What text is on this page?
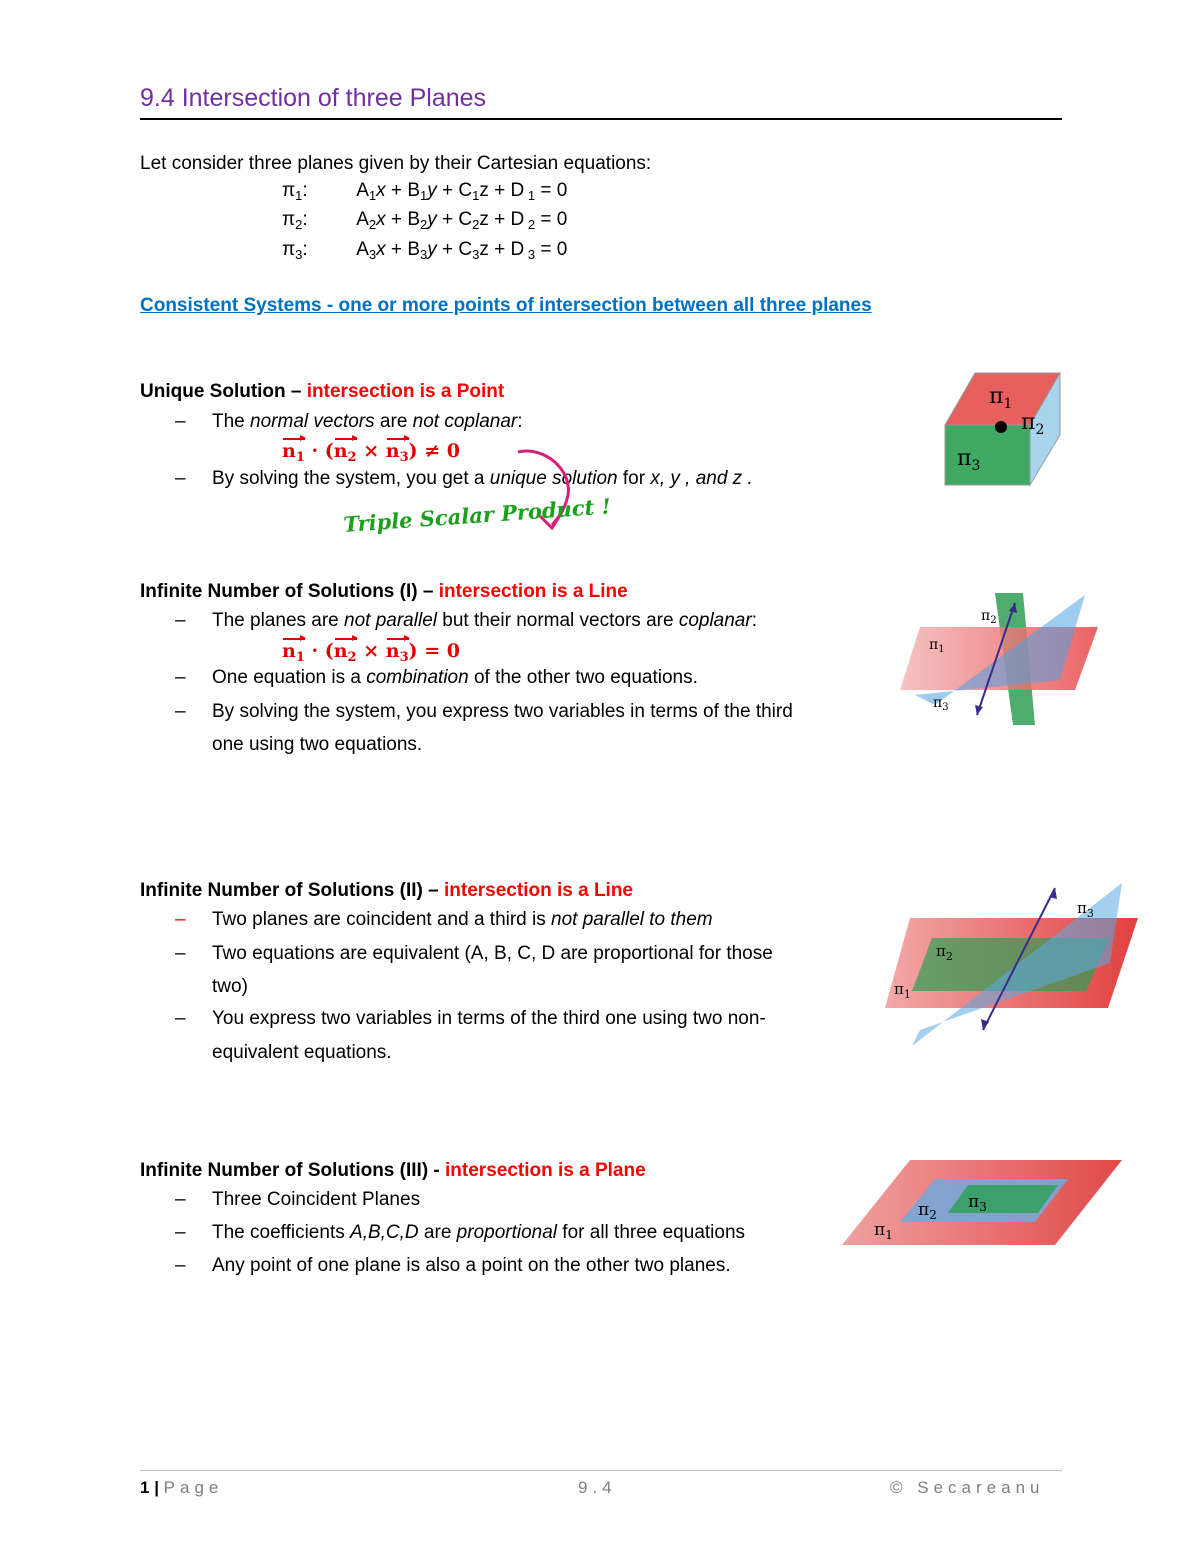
9.4 Intersection of three Planes
Let consider three planes given by their Cartesian equations:
$\pi_1$:	$A_1x + B_1y + C_1z + D$ $_1$ = 0
$\pi_2$:	$A_2x + B_2y + C_2z + D$ $_2$ = 0
$\pi_3$:	$A_3x + B_3y + C_3z + D$ $_3$ = 0
Consistent Systems - one or more points of intersection between all three planes
Unique Solution – intersection is a Point
– The normal vectors are not coplanar:
$n_1 \cdot (n_2 \times n_3) \ne 0$
– By solving the system, you get a unique solution for x, y , and z .
Triple Scalar Product !
$\pi_1$
$\pi_2$
$\pi_3$
Infinite Number of Solutions (I) – intersection is a Line
– The planes are not parallel but their normal vectors are coplanar:
$n_1 \cdot (n_2 \times n_3) = 0$
– One equation is a combination of the other two equations.
– By solving the system, you express two variables in terms of the third
one using two equations.
$\pi_1$
$\pi_2$
$\pi_3$
Infinite Number of Solutions (II) – intersection is a Line
– Two planes are coincident and a third is not parallel to them
– Two equations are equivalent (A, B, C, D are proportional for those
two)
– You express two variables in terms of the third one using two non-
equivalent equations.
$\pi_1$
$\pi_2$
$\pi_3$
Infinite Number of Solutions (III) - intersection is a Plane
– Three Coincident Planes
– The coefficients A,B,C,D are proportional for all three equations
– Any point of one plane is also a point on the other two planes.
$\pi_1$
$\pi_2$
$\pi_3$
1 | Page	9.4	© Secareanu
